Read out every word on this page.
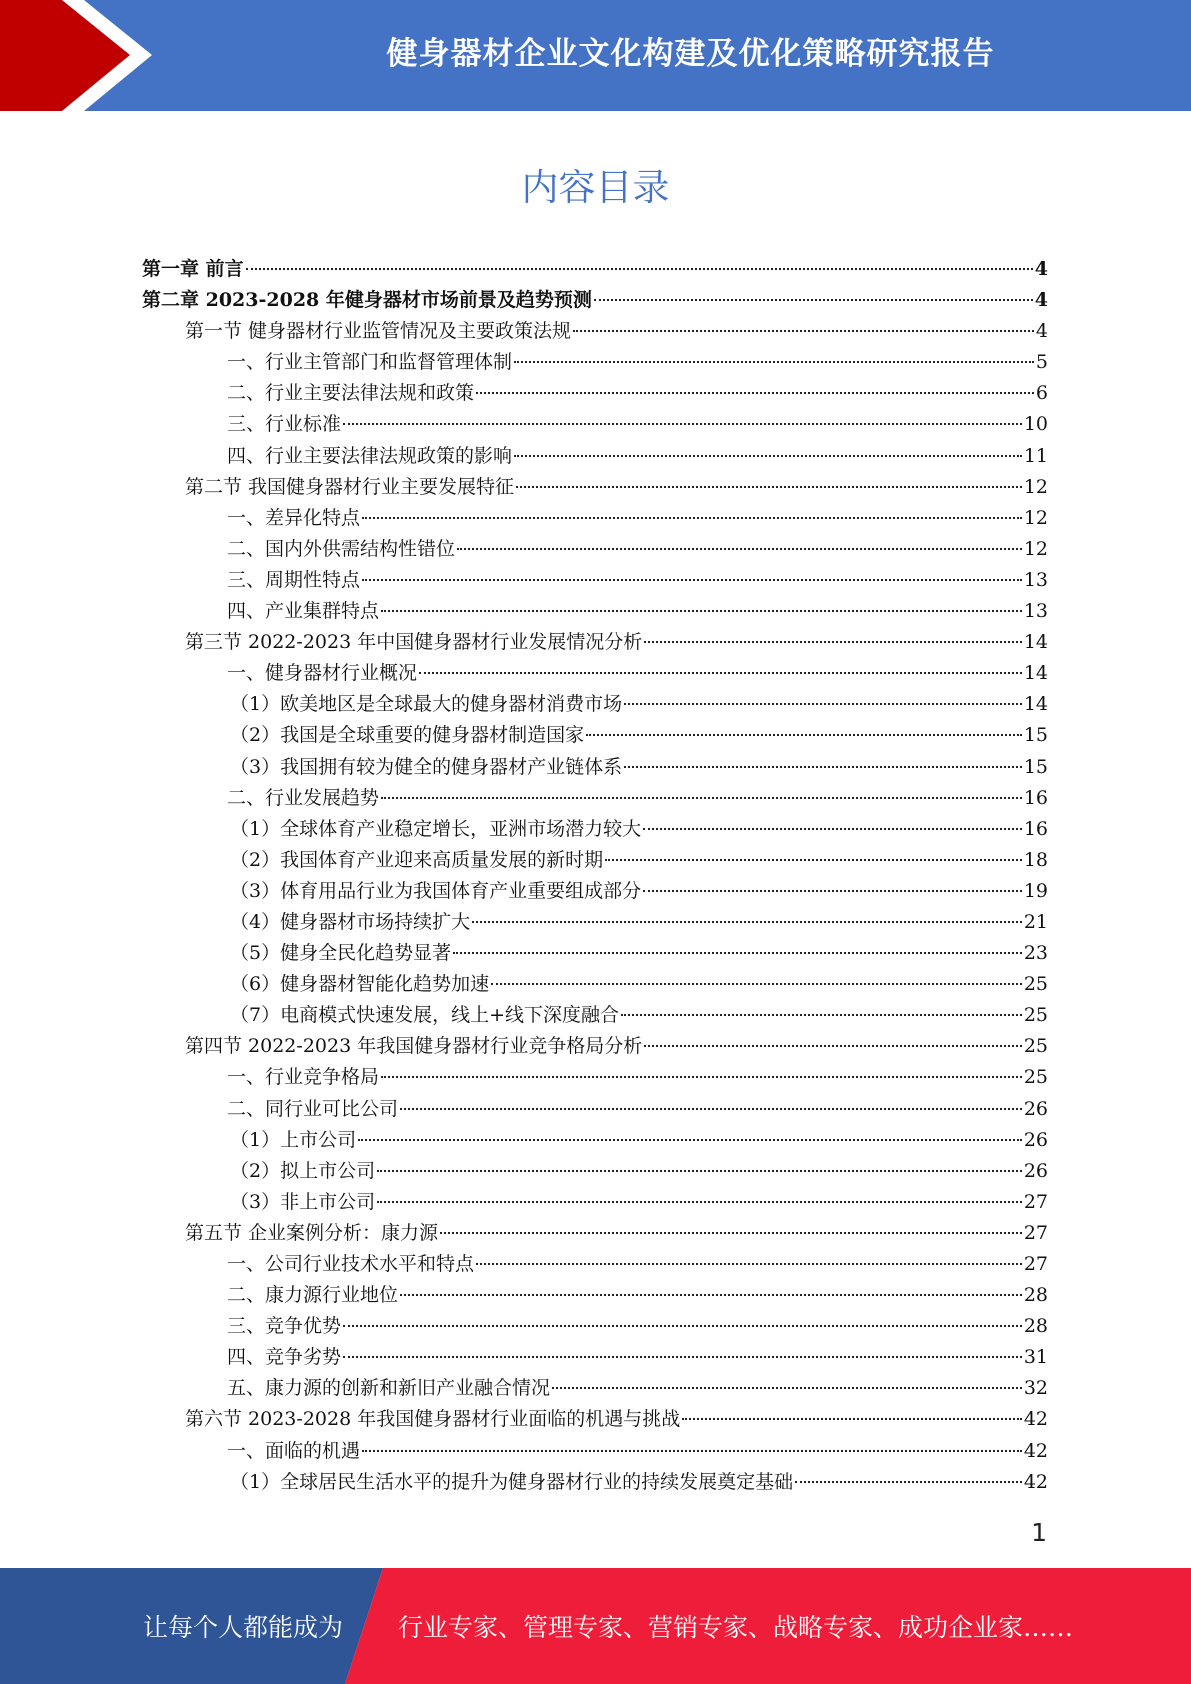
健身器材企业文化构建及优化策略研究报告
内容目录
第一章 前言	4
第二章 2023-2028 年健身器材市场前景及趋势预测	4
第一节 健身器材行业监管情况及主要政策法规	4
一、行业主管部门和监督管理体制	5
二、行业主要法律法规和政策	6
三、行业标准	10
四、行业主要法律法规政策的影响	11
第二节 我国健身器材行业主要发展特征	12
一、差异化特点	12
二、国内外供需结构性错位	12
三、周期性特点	13
四、产业集群特点	13
第三节 2022-2023 年中国健身器材行业发展情况分析	14
一、健身器材行业概况	14
（1）欧美地区是全球最大的健身器材消费市场	14
（2）我国是全球重要的健身器材制造国家	15
（3）我国拥有较为健全的健身器材产业链体系	15
二、行业发展趋势	16
（1）全球体育产业稳定增长，亚洲市场潜力较大	16
（2）我国体育产业迎来高质量发展的新时期	18
（3）体育用品行业为我国体育产业重要组成部分	19
（4）健身器材市场持续扩大	21
（5）健身全民化趋势显著	23
（6）健身器材智能化趋势加速	25
（7）电商模式快速发展，线上+线下深度融合	25
第四节 2022-2023 年我国健身器材行业竞争格局分析	25
一、行业竞争格局	25
二、同行业可比公司	26
（1）上市公司	26
（2）拟上市公司	26
（3）非上市公司	27
第五节 企业案例分析：康力源	27
一、公司行业技术水平和特点	27
二、康力源行业地位	28
三、竞争优势	28
四、竞争劣势	31
五、康力源的创新和新旧产业融合情况	32
第六节 2023-2028 年我国健身器材行业面临的机遇与挑战	42
一、面临的机遇	42
（1）全球居民生活水平的提升为健身器材行业的持续发展奠定基础	42
1
让每个人都能成为 行业专家、管理专家、营销专家、战略专家、成功企业家……
